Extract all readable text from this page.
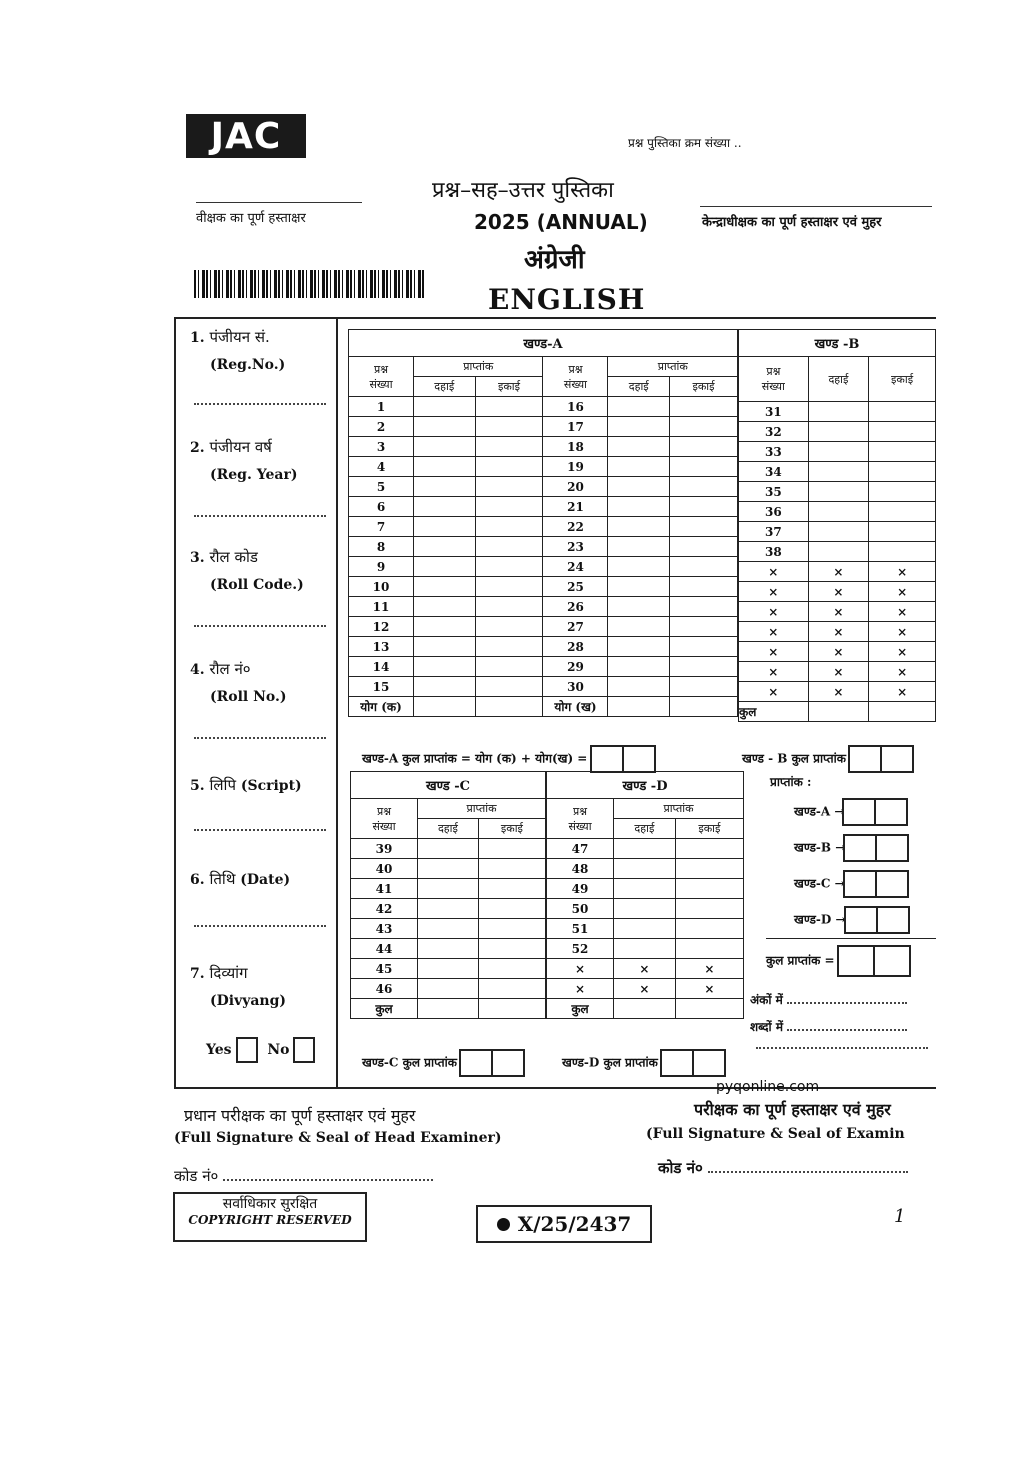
JAC	प्रश्न पुस्तिका क्रम संख्या ..
प्रश्न–सह–उत्तर पुस्तिका
वीक्षक का पूर्ण हस्ताक्षर	2025 (ANNUAL)	केन्द्राधीक्षक का पूर्ण हस्ताक्षर एवं मुहर
अंग्रेजी
ENGLISH
1. पंजीयन सं.
(Reg.No.)
2. पंजीयन वर्ष
(Reg. Year)
3. रौल कोड
(Roll Code.)
4. रौल नं०
(Roll No.)
5. लिपि (Script)
6. तिथि (Date)
7. दिव्यांग
(Divyang)
Yes	No
खण्ड-A					
प्रश्न
संख्या	प्राप्तांक		प्रश्न
संख्या	प्राप्तांक	
	दहाई	इकाई		दहाई	इकाई
1			16		
2			17		
3			18		
4			19		
5			20		
6			21		
7			22		
8			23		
9			24		
10			25		
11			26		
12			27		
13			28		
14			29		
15			30		
योग (क)			योग (ख)		
खण्ड -B		
प्रश्न
संख्या	दहाई	इकाई
31		
32		
33		
34		
35		
36		
37		
38		
×	×	×
×	×	×
×	×	×
×	×	×
×	×	×
×	×	×
×	×	×
कुल		
खण्ड-A कुल प्राप्तांक = योग (क) + योग(ख) =	खण्ड - B कुल प्राप्तांक
खण्ड -C		
प्रश्न
संख्या	प्राप्तांक	
	दहाई	इकाई
39		
40		
41		
42		
43		
44		
45		
46		
कुल		
खण्ड -D		
प्रश्न
संख्या	प्राप्तांक	
	दहाई	इकाई
47		
48		
49		
50		
51		
52		
×	×	×
×	×	×
कुल		
खण्ड-C कुल प्राप्तांक	खण्ड-D कुल प्राप्तांक
प्राप्तांक :
खण्ड-A →
खण्ड-B →
खण्ड-C →
खण्ड-D →
कुल प्राप्तांक =
अंकों में
शब्दों में
pyqonline.com
प्रधान परीक्षक का पूर्ण हस्ताक्षर एवं मुहर
(Full Signature & Seal of Head Examiner)
कोड नं०
परीक्षक का पूर्ण हस्ताक्षर एवं मुहर
(Full Signature & Seal of Examin
कोड नं०
सर्वाधिकार सुरक्षित
COPYRIGHT RESERVED	X/25/2437	1
